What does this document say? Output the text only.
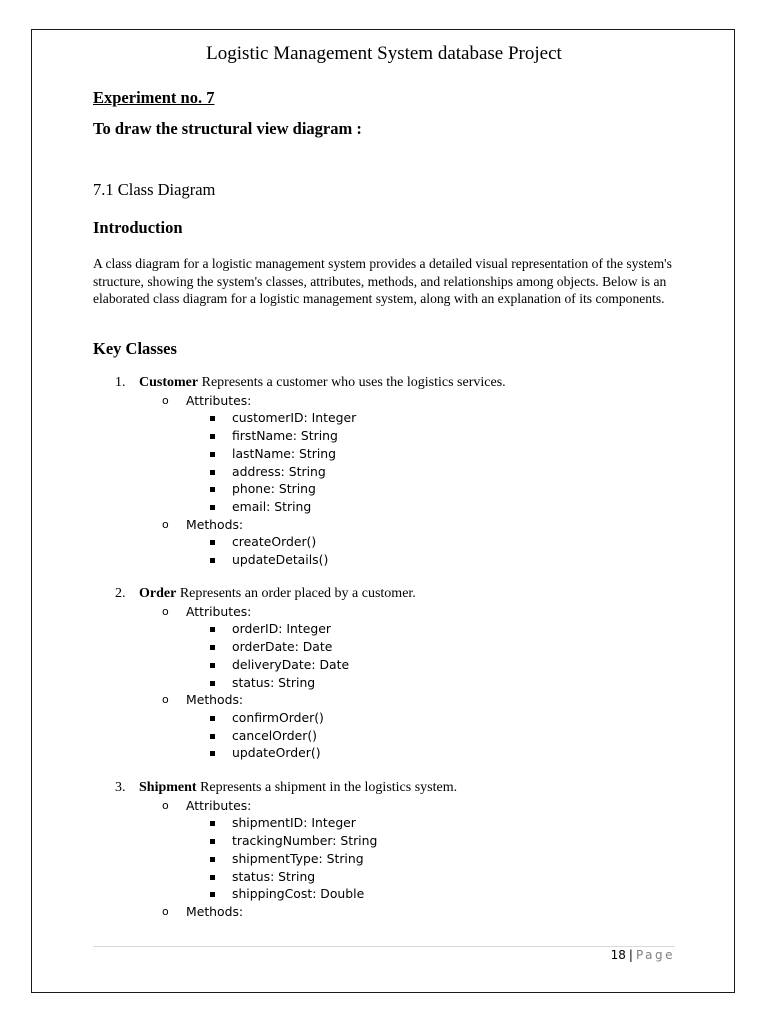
Logistic Management System database Project

Experiment no. 7

To draw the structural view diagram :

7.1 Class Diagram

Introduction

A class diagram for a logistic management system provides a detailed visual representation of the system's structure, showing the system's classes, attributes, methods, and relationships among objects. Below is an elaborated class diagram for a logistic management system, along with an explanation of its components.

Key Classes

1. Customer Represents a customer who uses the logistics services.
o Attributes:
customerID: Integer
firstName: String
lastName: String
address: String
phone: String
email: String
o Methods:
createOrder()
updateDetails()
2. Order Represents an order placed by a customer.
o Attributes:
orderID: Integer
orderDate: Date
deliveryDate: Date
status: String
o Methods:
confirmOrder()
cancelOrder()
updateOrder()
3. Shipment Represents a shipment in the logistics system.
o Attributes:
shipmentID: Integer
trackingNumber: String
shipmentType: String
status: String
shippingCost: Double
o Methods:
18 | Page
